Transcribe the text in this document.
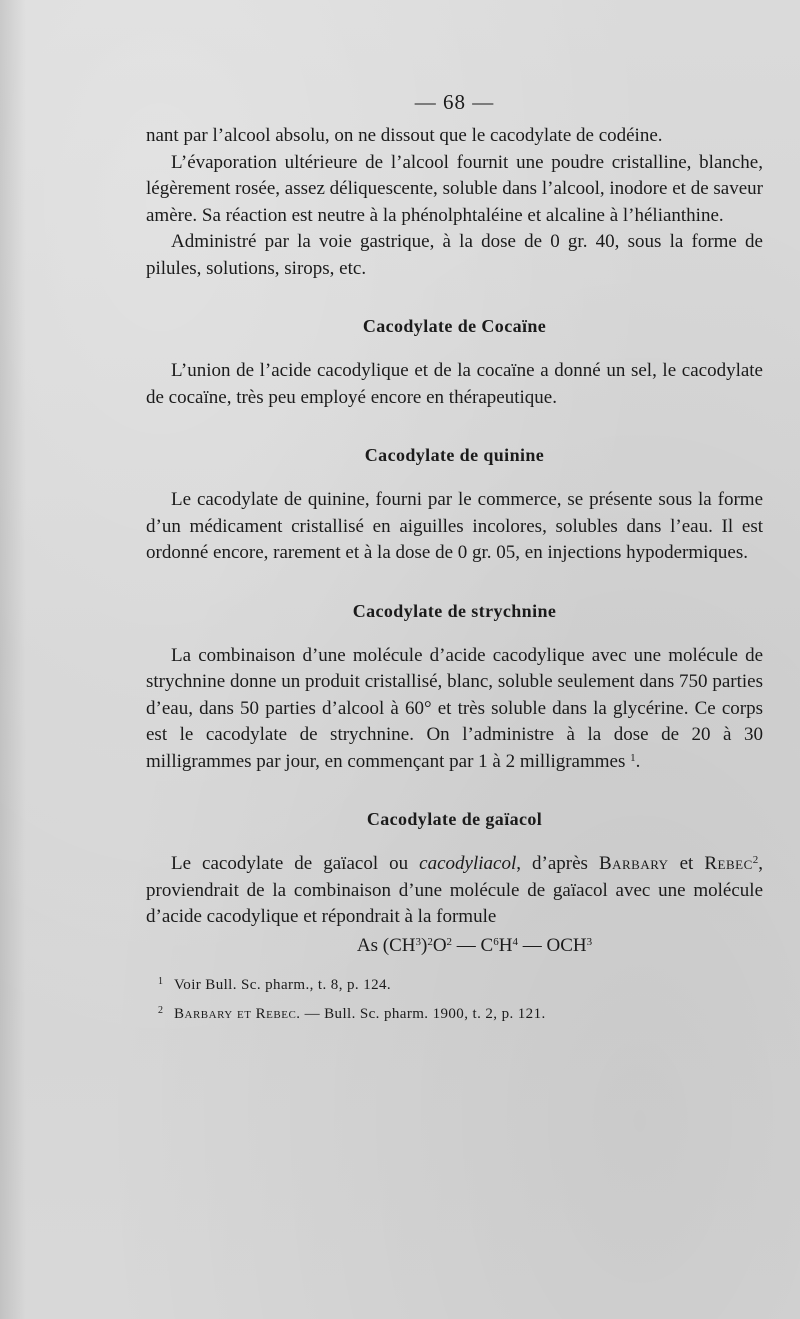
— 68 —

nant par l’alcool absolu, on ne dissout que le cacodylate de codéine.

L’évaporation ultérieure de l’alcool fournit une poudre cristalline, blanche, légèrement rosée, assez déliquescente, soluble dans l’alcool, inodore et de saveur amère. Sa réaction est neutre à la phénolphtaléine et alcaline à l’hélianthine.

Administré par la voie gastrique, à la dose de 0 gr. 40, sous la forme de pilules, solutions, sirops, etc.

Cacodylate de Cocaïne

L’union de l’acide cacodylique et de la cocaïne a donné un sel, le cacodylate de cocaïne, très peu employé encore en thérapeutique.

Cacodylate de quinine

Le cacodylate de quinine, fourni par le commerce, se présente sous la forme d’un médicament cristallisé en aiguilles incolores, solubles dans l’eau. Il est ordonné encore, rarement et à la dose de 0 gr. 05, en injections hypodermiques.

Cacodylate de strychnine

La combinaison d’une molécule d’acide cacodylique avec une molécule de strychnine donne un produit cristallisé, blanc, soluble seulement dans 750 parties d’eau, dans 50 parties d’alcool à 60° et très soluble dans la glycérine. Ce corps est le cacodylate de strychnine. On l’administre à la dose de 20 à 30 milligrammes par jour, en commençant par 1 à 2 milligrammes $^1$.

Cacodylate de gaïacol

Le cacodylate de gaïacol ou cacodyliacol, d’après Barbary et Rebec$^2$, proviendrait de la combinaison d’une molécule de gaïacol avec une molécule d’acide cacodylique et répondrait à la formule

As $(CH^3)^2O^2$ — $C^6H^4$ — OCH$^3$
1 Voir Bull. Sc. pharm., t. 8, p. 124.
2 Barbary et Rebec. — Bull. Sc. pharm. 1900, t. 2, p. 121.
